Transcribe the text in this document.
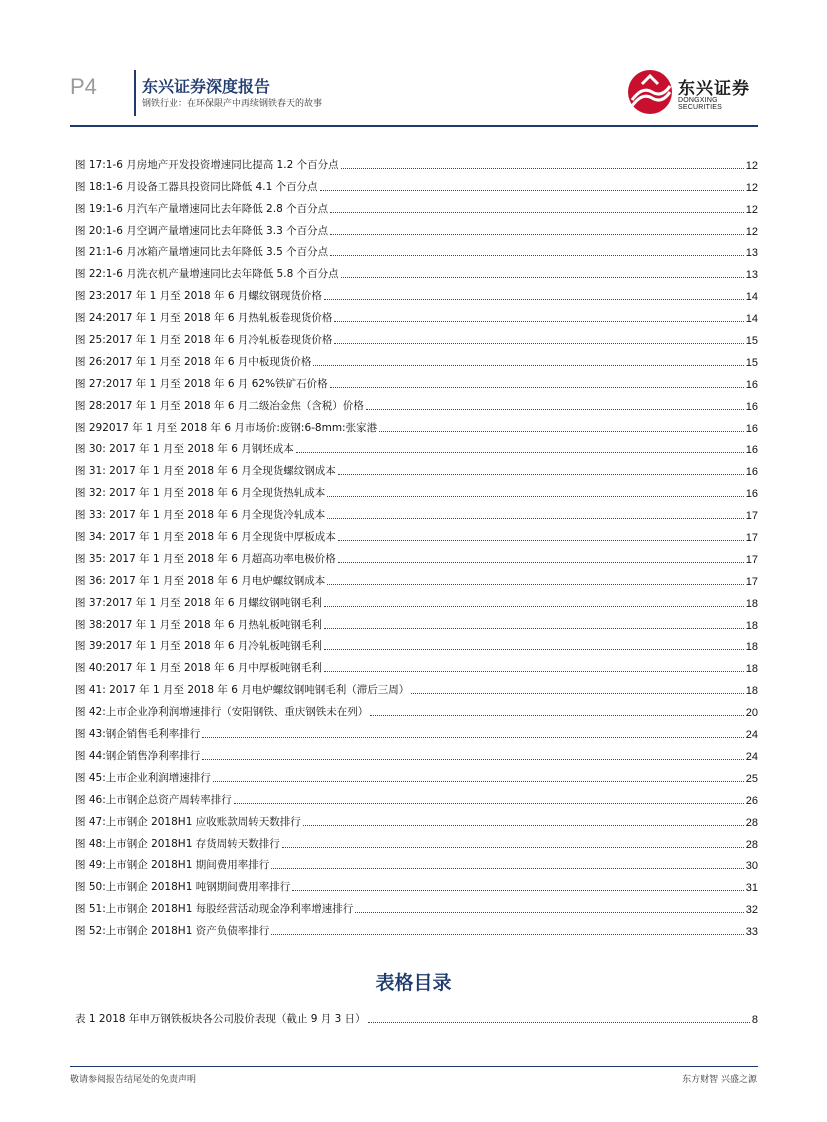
P4	东兴证券深度报告
钢铁行业：在环保限产中再续钢铁春天的故事
东兴证券
DONGXING SECURITIES
图 17:1-6 月房地产开发投资增速同比提高 1.2 个百分点	12
图 18:1-6 月设备工器具投资同比降低 4.1 个百分点	12
图 19:1-6 月汽车产量增速同比去年降低 2.8 个百分点	12
图 20:1-6 月空调产量增速同比去年降低 3.3 个百分点	12
图 21:1-6 月冰箱产量增速同比去年降低 3.5 个百分点	13
图 22:1-6 月洗衣机产量增速同比去年降低 5.8 个百分点	13
图 23:2017 年 1 月至 2018 年 6 月螺纹钢现货价格	14
图 24:2017 年 1 月至 2018 年 6 月热轧板卷现货价格	14
图 25:2017 年 1 月至 2018 年 6 月冷轧板卷现货价格	15
图 26:2017 年 1 月至 2018 年 6 月中板现货价格	15
图 27:2017 年 1 月至 2018 年 6 月 62%铁矿石价格	16
图 28:2017 年 1 月至 2018 年 6 月二级冶金焦（含税）价格	16
图 292017 年 1 月至 2018 年 6 月市场价:废钢:6-8mm:张家港	16
图 30: 2017 年 1 月至 2018 年 6 月钢坯成本	16
图 31: 2017 年 1 月至 2018 年 6 月全现货螺纹钢成本	16
图 32: 2017 年 1 月至 2018 年 6 月全现货热轧成本	16
图 33: 2017 年 1 月至 2018 年 6 月全现货冷轧成本	17
图 34: 2017 年 1 月至 2018 年 6 月全现货中厚板成本	17
图 35: 2017 年 1 月至 2018 年 6 月超高功率电极价格	17
图 36: 2017 年 1 月至 2018 年 6 月电炉螺纹钢成本	17
图 37:2017 年 1 月至 2018 年 6 月螺纹钢吨钢毛利	18
图 38:2017 年 1 月至 2018 年 6 月热轧板吨钢毛利	18
图 39:2017 年 1 月至 2018 年 6 月冷轧板吨钢毛利	18
图 40:2017 年 1 月至 2018 年 6 月中厚板吨钢毛利	18
图 41: 2017 年 1 月至 2018 年 6 月电炉螺纹钢吨钢毛利（滞后三周）	18
图 42:上市企业净利润增速排行（安阳钢铁、重庆钢铁未在列）	20
图 43:钢企销售毛利率排行	24
图 44:钢企销售净利率排行	24
图 45:上市企业利润增速排行	25
图 46:上市钢企总资产周转率排行	26
图 47:上市钢企 2018H1 应收账款周转天数排行	28
图 48:上市钢企 2018H1 存货周转天数排行	28
图 49:上市钢企 2018H1 期间费用率排行	30
图 50:上市钢企 2018H1 吨钢期间费用率排行	31
图 51:上市钢企 2018H1 每股经营活动现金净利率增速排行	32
图 52:上市钢企 2018H1 资产负债率排行	33
表格目录
表 1 2018 年申万钢铁板块各公司股价表现（截止 9 月 3 日）	8
敬请参阅报告结尾处的免责声明	东方财智 兴盛之源
